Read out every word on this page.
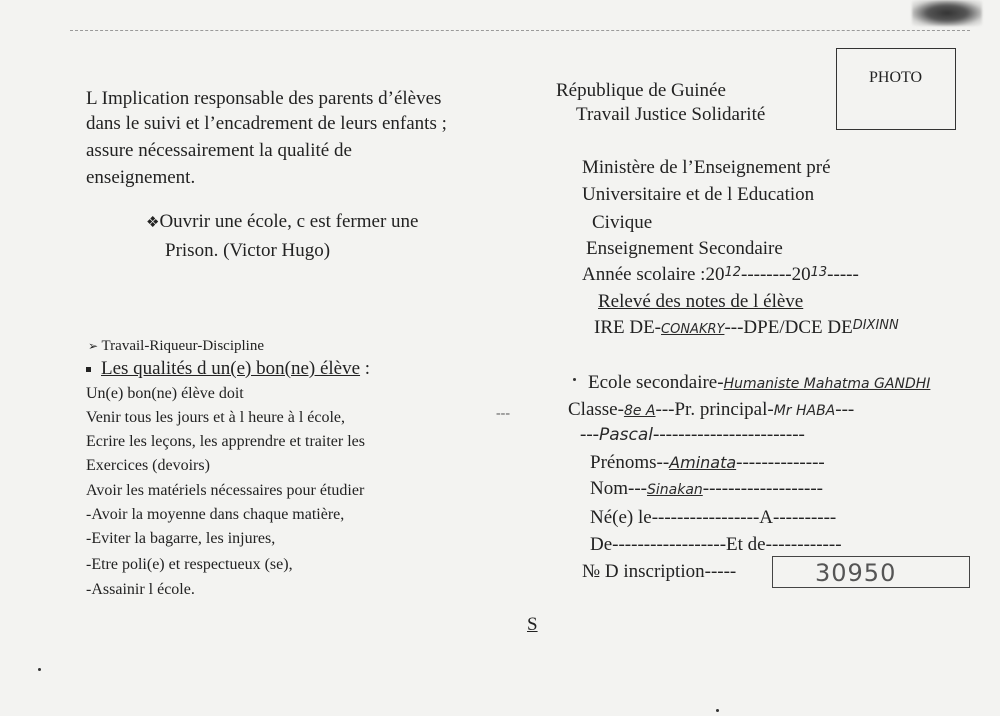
L Implication responsable des parents d’élèves
dans le suivi et l’encadrement de leurs enfants ;
assure nécessairement la qualité de
enseignement.
❖Ouvrir une école, c est fermer une
Prison. (Victor Hugo)
➢ Travail-Riqueur-Discipline
Les qualités d un(e) bon(ne) élève :
Un(e) bon(ne) élève doit
Venir tous les jours et à l heure à l école,
Ecrire les leçons, les apprendre et traiter les
Exercices (devoirs)
Avoir les matériels nécessaires pour étudier
-Avoir la moyenne dans chaque matière,
-Eviter la bagarre, les injures,
-Etre poli(e) et respectueux (se),
-Assainir l école.
---
République de Guinée
Travail Justice Solidarité
PHOTO
Ministère de l’Enseignement pré
Universitaire et de l Education
Civique
Enseignement Secondaire
Année scolaire $:20^{12}--------20^{13}-----$
Relevé des notes de l élève
IRE DE-CONAKRY---DPE/DCE $DE^{DIXINN}$
Ecole secondaire-Humaniste Mahatma GANDHI
Classe-8e A---Pr. principal-Mr HABA---
---Pascal------------------------
Prénoms--Aminata--------------
Nom---Sinakan-------------------
Né(e) le-----------------A----------
De------------------Et de------------
№ D inscription-----	30950
S
